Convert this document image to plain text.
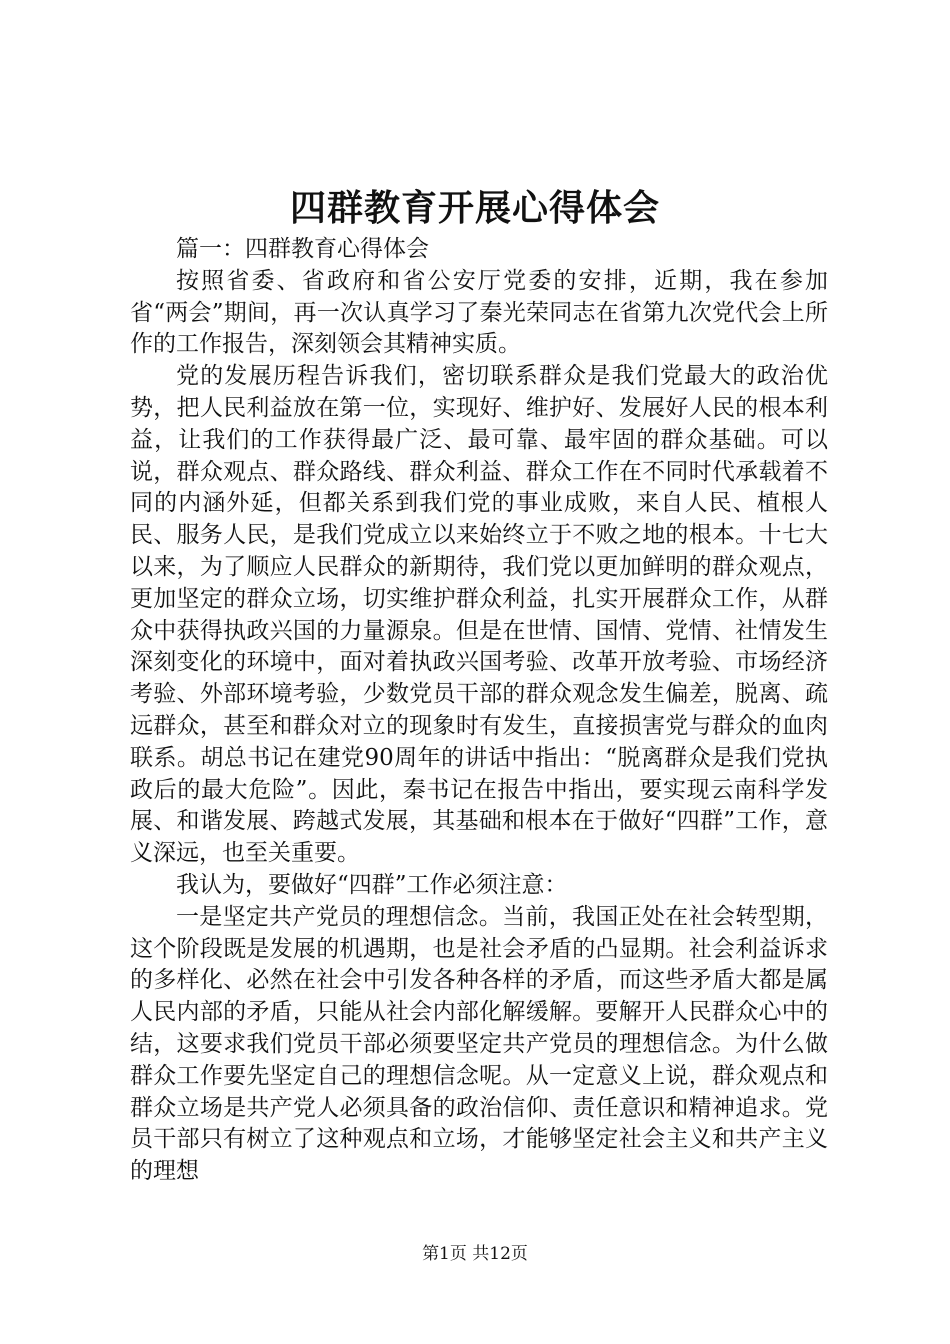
四群教育开展心得体会

篇一：四群教育心得体会

按照省委、省政府和省公安厅党委的安排，近期，我在参加省“两会”期间，再一次认真学习了秦光荣同志在省第九次党代会上所作的工作报告，深刻领会其精神实质。

党的发展历程告诉我们，密切联系群众是我们党最大的政治优势，把人民利益放在第一位，实现好、维护好、发展好人民的根本利益，让我们的工作获得最广泛、最可靠、最牢固的群众基础。可以说，群众观点、群众路线、群众利益、群众工作在不同时代承载着不同的内涵外延，但都关系到我们党的事业成败，来自人民、植根人民、服务人民，是我们党成立以来始终立于不败之地的根本。十七大以来，为了顺应人民群众的新期待，我们党以更加鲜明的群众观点，更加坚定的群众立场，切实维护群众利益，扎实开展群众工作，从群众中获得执政兴国的力量源泉。但是在世情、国情、党情、社情发生深刻变化的环境中，面对着执政兴国考验、改革开放考验、市场经济考验、外部环境考验，少数党员干部的群众观念发生偏差，脱离、疏远群众，甚至和群众对立的现象时有发生，直接损害党与群众的血肉联系。胡总书记在建党90周年的讲话中指出：“脱离群众是我们党执政后的最大危险”。因此，秦书记在报告中指出，要实现云南科学发展、和谐发展、跨越式发展，其基础和根本在于做好“四群”工作，意义深远，也至关重要。

我认为，要做好“四群”工作必须注意：

一是坚定共产党员的理想信念。当前，我国正处在社会转型期，这个阶段既是发展的机遇期，也是社会矛盾的凸显期。社会利益诉求的多样化、必然在社会中引发各种各样的矛盾，而这些矛盾大都是属人民内部的矛盾，只能从社会内部化解缓解。要解开人民群众心中的结，这要求我们党员干部必须要坚定共产党员的理想信念。为什么做群众工作要先坚定自己的理想信念呢。从一定意义上说，群众观点和群众立场是共产党人必须具备的政治信仰、责任意识和精神追求。党员干部只有树立了这种观点和立场，才能够坚定社会主义和共产主义的理想

第1页 共12页
